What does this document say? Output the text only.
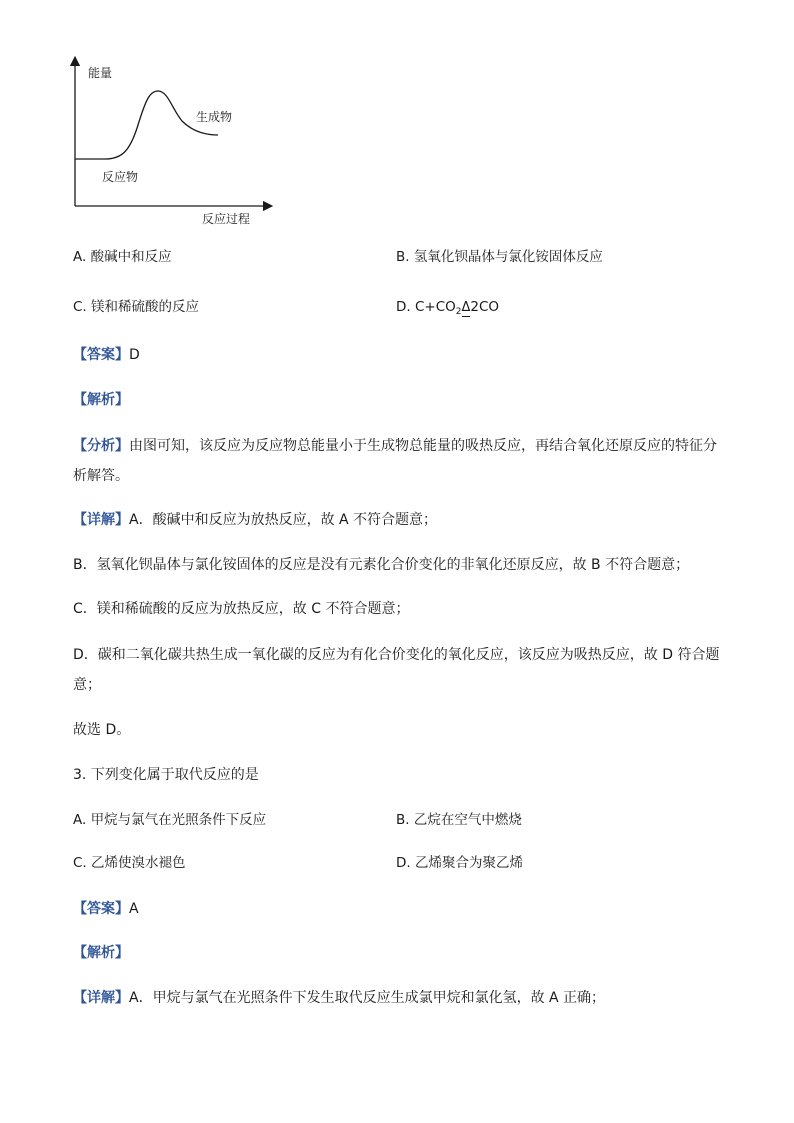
能量
生成物
反应物
反应过程
A. 酸碱中和反应	B. 氢氧化钡晶体与氯化铵固体反应
C. 镁和稀硫酸的反应	D. $C+CO_2\Delta 2CO$
【答案】D
【解析】
【分析】由图可知，该反应为反应物总能量小于生成物总能量的吸热反应，再结合氧化还原反应的特征分
析解答。
【详解】A．酸碱中和反应为放热反应，故 A 不符合题意；
B．氢氧化钡晶体与氯化铵固体的反应是没有元素化合价变化的非氧化还原反应，故 B 不符合题意；
C．镁和稀硫酸的反应为放热反应，故 C 不符合题意；
D．碳和二氧化碳共热生成一氧化碳的反应为有化合价变化的氧化反应，该反应为吸热反应，故 D 符合题
意；
故选 D。
3. 下列变化属于取代反应的是
A. 甲烷与氯气在光照条件下反应	B. 乙烷在空气中燃烧
C. 乙烯使溴水褪色	D. 乙烯聚合为聚乙烯
【答案】A
【解析】
【详解】A．甲烷与氯气在光照条件下发生取代反应生成氯甲烷和氯化氢，故 A 正确；
